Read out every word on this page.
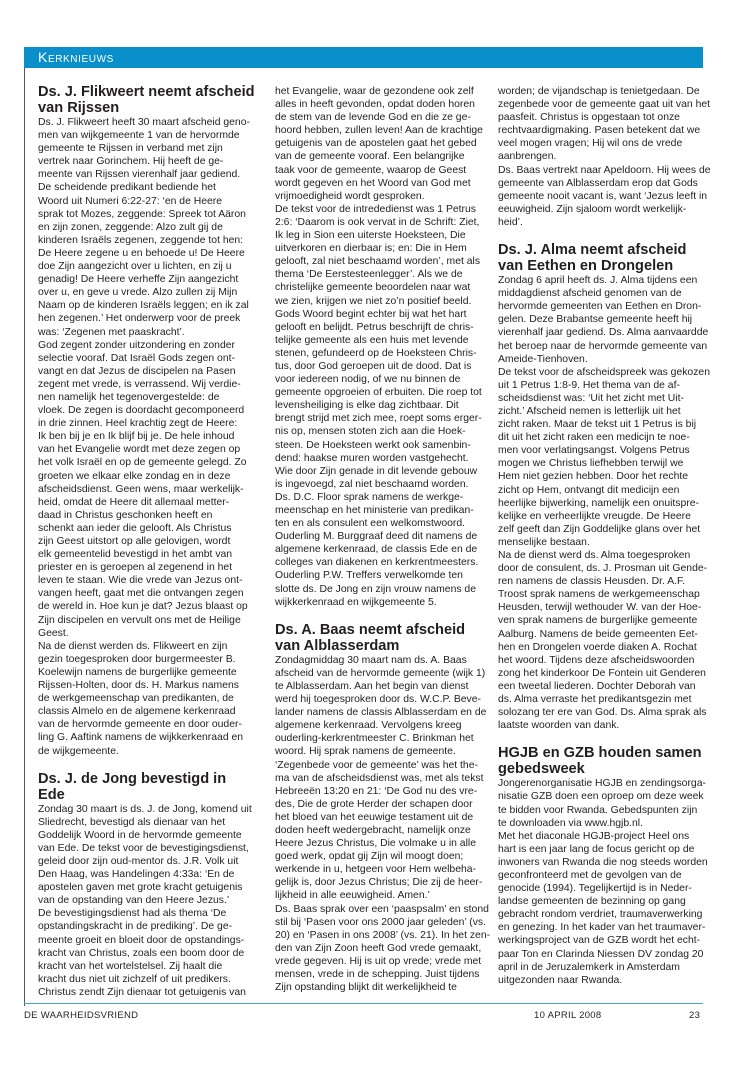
Kerknieuws
Ds. J. Flikweert neemt afscheid
van Rijssen

Ds. J. Flikweert heeft 30 maart afscheid geno-

men van wijkgemeente 1 van de hervormde

gemeente te Rijssen in verband met zijn

vertrek naar Gorinchem. Hij heeft de ge-

meente van Rijssen vierenhalf jaar gediend.

De scheidende predikant bediende het

Woord uit Numeri 6:22-27: ‘en de Heere

sprak tot Mozes, zeggende: Spreek tot Aäron

en zijn zonen, zeggende: Alzo zult gij de

kinderen Israëls zegenen, zeggende tot hen:

De Heere zegene u en behoede u! De Heere

doe Zijn aangezicht over u lichten, en zij u

genadig! De Heere verheffe Zijn aangezicht

over u, en geve u vrede. Alzo zullen zij Mijn

Naam op de kinderen Israëls leggen; en ik zal

hen zegenen.’ Het onderwerp voor de preek

was: ‘Zegenen met paaskracht’.

God zegent zonder uitzondering en zonder

selectie vooraf. Dat Israël Gods zegen ont-

vangt en dat Jezus de discipelen na Pasen

zegent met vrede, is verrassend. Wij verdie-

nen namelijk het tegenovergestelde: de

vloek. De zegen is doordacht gecomponeerd

in drie zinnen. Heel krachtig zegt de Heere:

Ik ben bij je en Ik blijf bij je. De hele inhoud

van het Evangelie wordt met deze zegen op

het volk Israël en op de gemeente gelegd. Zo

groeten we elkaar elke zondag en in deze

afscheidsdienst. Geen wens, maar werkelijk-

heid, omdat de Heere dit allemaal metter-

daad in Christus geschonken heeft en

schenkt aan ieder die gelooft. Als Christus

zijn Geest uitstort op alle gelovigen, wordt

elk gemeentelid bevestigd in het ambt van

priester en is geroepen al zegenend in het

leven te staan. Wie die vrede van Jezus ont-

vangen heeft, gaat met die ontvangen zegen

de wereld in. Hoe kun je dat? Jezus blaast op

Zijn discipelen en vervult ons met de Heilige

Geest.

Na de dienst werden ds. Flikweert en zijn

gezin toegesproken door burgermeester B.

Koelewijn namens de burgerlijke gemeente

Rijssen-Holten, door ds. H. Markus namens

de werkgemeenschap van predikanten, de

classis Almelo en de algemene kerkenraad

van de hervormde gemeente en door ouder-

ling G. Aaftink namens de wijkkerkenraad en

de wijkgemeente.

Ds. J. de Jong bevestigd in Ede

Zondag 30 maart is ds. J. de Jong, komend uit

Sliedrecht, bevestigd als dienaar van het

Goddelijk Woord in de hervormde gemeente

van Ede. De tekst voor de bevestigingsdienst,

geleid door zijn oud-mentor ds. J.R. Volk uit

Den Haag, was Handelingen 4:33a: ‘En de

apostelen gaven met grote kracht getuigenis

van de opstanding van den Heere Jezus.’

De bevestigingsdienst had als thema ‘De

opstandingskracht in de prediking’. De ge-

meente groeit en bloeit door de opstandings-

kracht van Christus, zoals een boom door de

kracht van het wortelstelsel. Zij haalt die

kracht dus niet uit zichzelf of uit predikers.

Christus zendt Zijn dienaar tot getuigenis van

het Evangelie, waar de gezondene ook zelf

alles in heeft gevonden, opdat doden horen

de stem van de levende God en die ze ge-

hoord hebben, zullen leven! Aan de krachtige

getuigenis van de apostelen gaat het gebed

van de gemeente vooraf. Een belangrijke

taak voor de gemeente, waarop de Geest

wordt gegeven en het Woord van God met

vrijmoedigheid wordt gesproken.

De tekst voor de intrededienst was 1 Petrus

2:6: ‘Daarom is ook vervat in de Schrift: Ziet,

Ik leg in Sion een uiterste Hoeksteen, Die

uitverkoren en dierbaar is; en: Die in Hem

gelooft, zal niet beschaamd worden’, met als

thema ‘De Eerstesteenlegger’. Als we de

christelijke gemeente beoordelen naar wat

we zien, krijgen we niet zo’n positief beeld.

Gods Woord begint echter bij wat het hart

gelooft en belijdt. Petrus beschrijft de chris-

telijke gemeente als een huis met levende

stenen, gefundeerd op de Hoeksteen Chris-

tus, door God geroepen uit de dood. Dat is

voor iedereen nodig, of we nu binnen de

gemeente opgroeien of erbuiten. Die roep tot

levensheiliging is elke dag zichtbaar. Dit

brengt strijd met zich mee, roept soms erger-

nis op, mensen stoten zich aan die Hoek-

steen. De Hoeksteen werkt ook samenbin-

dend: haakse muren worden vastgehecht.

Wie door Zijn genade in dit levende gebouw

is ingevoegd, zal niet beschaamd worden.

Ds. D.C. Floor sprak namens de werkge-

meenschap en het ministerie van predikan-

ten en als consulent een welkomstwoord.

Ouderling M. Burggraaf deed dit namens de

algemene kerkenraad, de classis Ede en de

colleges van diakenen en kerkrentmeesters.

Ouderling P.W. Treffers verwelkomde ten

slotte ds. De Jong en zijn vrouw namens de

wijkkerkenraad en wijkgemeente 5.

Ds. A. Baas neemt afscheid
van Alblasserdam

Zondagmiddag 30 maart nam ds. A. Baas

afscheid van de hervormde gemeente (wijk 1)

te Alblasserdam. Aan het begin van dienst

werd hij toegesproken door ds. W.C.P. Beve-

lander namens de classis Alblasserdam en de

algemene kerkenraad. Vervolgens kreeg

ouderling-kerkrentmeester C. Brinkman het

woord. Hij sprak namens de gemeente.

‘Zegenbede voor de gemeente’ was het the-

ma van de afscheidsdienst was, met als tekst

Hebreeën 13:20 en 21: ‘De God nu des vre-

des, Die de grote Herder der schapen door

het bloed van het eeuwige testament uit de

doden heeft wedergebracht, namelijk onze

Heere Jezus Christus, Die volmake u in alle

goed werk, opdat gij Zijn wil moogt doen;

werkende in u, hetgeen voor Hem welbeha-

gelijk is, door Jezus Christus; Die zij de heer-

lijkheid in alle eeuwigheid. Amen.’

Ds. Baas sprak over een ‘paaspsalm’ en stond

stil bij ‘Pasen voor ons 2000 jaar geleden’ (vs.

20) en ‘Pasen in ons 2008’ (vs. 21). In het zen-

den van Zijn Zoon heeft God vrede gemaakt,

vrede gegeven. Hij is uit op vrede; vrede met

mensen, vrede in de schepping. Juist tijdens

Zijn opstanding blijkt dit werkelijkheid te

worden; de vijandschap is tenietgedaan. De

zegenbede voor de gemeente gaat uit van het

paasfeit. Christus is opgestaan tot onze

rechtvaardigmaking. Pasen betekent dat we

veel mogen vragen; Hij wil ons de vrede

aanbrengen.

Ds. Baas vertrekt naar Apeldoorn. Hij wees de

gemeente van Alblasserdam erop dat Gods

gemeente nooit vacant is, want ‘Jezus leeft in

eeuwigheid. Zijn sjaloom wordt werkelijk-

heid’.

Ds. J. Alma neemt afscheid
van Eethen en Drongelen

Zondag 6 april heeft ds. J. Alma tijdens een

middagdienst afscheid genomen van de

hervormde gemeenten van Eethen en Dron-

gelen. Deze Brabantse gemeente heeft hij

vierenhalf jaar gediend. Ds. Alma aanvaardde

het beroep naar de hervormde gemeente van

Ameide-Tienhoven.

De tekst voor de afscheidspreek was gekozen

uit 1 Petrus 1:8-9. Het thema van de af-

scheidsdienst was: ‘Uit het zicht met Uit-

zicht.’ Afscheid nemen is letterlijk uit het

zicht raken. Maar de tekst uit 1 Petrus is bij

dit uit het zicht raken een medicijn te noe-

men voor verlatingsangst. Volgens Petrus

mogen we Christus liefhebben terwijl we

Hem niet gezien hebben. Door het rechte

zicht op Hem, ontvangt dit medicijn een

heerlijke bijwerking, namelijk een onuitspre-

kelijke en verheerlijkte vreugde. De Heere

zelf geeft dan Zijn Goddelijke glans over het

menselijke bestaan.

Na de dienst werd ds. Alma toegesproken

door de consulent, ds. J. Prosman uit Gende-

ren namens de classis Heusden. Dr. A.F.

Troost sprak namens de werkgemeenschap

Heusden, terwijl wethouder W. van der Hoe-

ven sprak namens de burgerlijke gemeente

Aalburg. Namens de beide gemeenten Eet-

hen en Drongelen voerde diaken A. Rochat

het woord. Tijdens deze afscheidswoorden

zong het kinderkoor De Fontein uit Genderen

een tweetal liederen. Dochter Deborah van

ds. Alma verraste het predikantsgezin met

solozang ter ere van God. Ds. Alma sprak als

laatste woorden van dank.

HGJB en GZB houden samen
gebedsweek

Jongerenorganisatie HGJB en zendingsorga-

nisatie GZB doen een oproep om deze week

te bidden voor Rwanda. Gebedspunten zijn

te downloaden via www.hgjb.nl.

Met het diaconale HGJB-project Heel ons

hart is een jaar lang de focus gericht op de

inwoners van Rwanda die nog steeds worden

geconfronteerd met de gevolgen van de

genocide (1994). Tegelijkertijd is in Neder-

landse gemeenten de bezinning op gang

gebracht rondom verdriet, traumaverwerking

en genezing. In het kader van het traumaver-

werkingsproject van de GZB wordt het echt-

paar Ton en Clarinda Niessen DV zondag 20

april in de Jeruzalemkerk in Amsterdam

uitgezonden naar Rwanda.

DE WAARHEIDSVRIEND	10 APRIL 2008	23
